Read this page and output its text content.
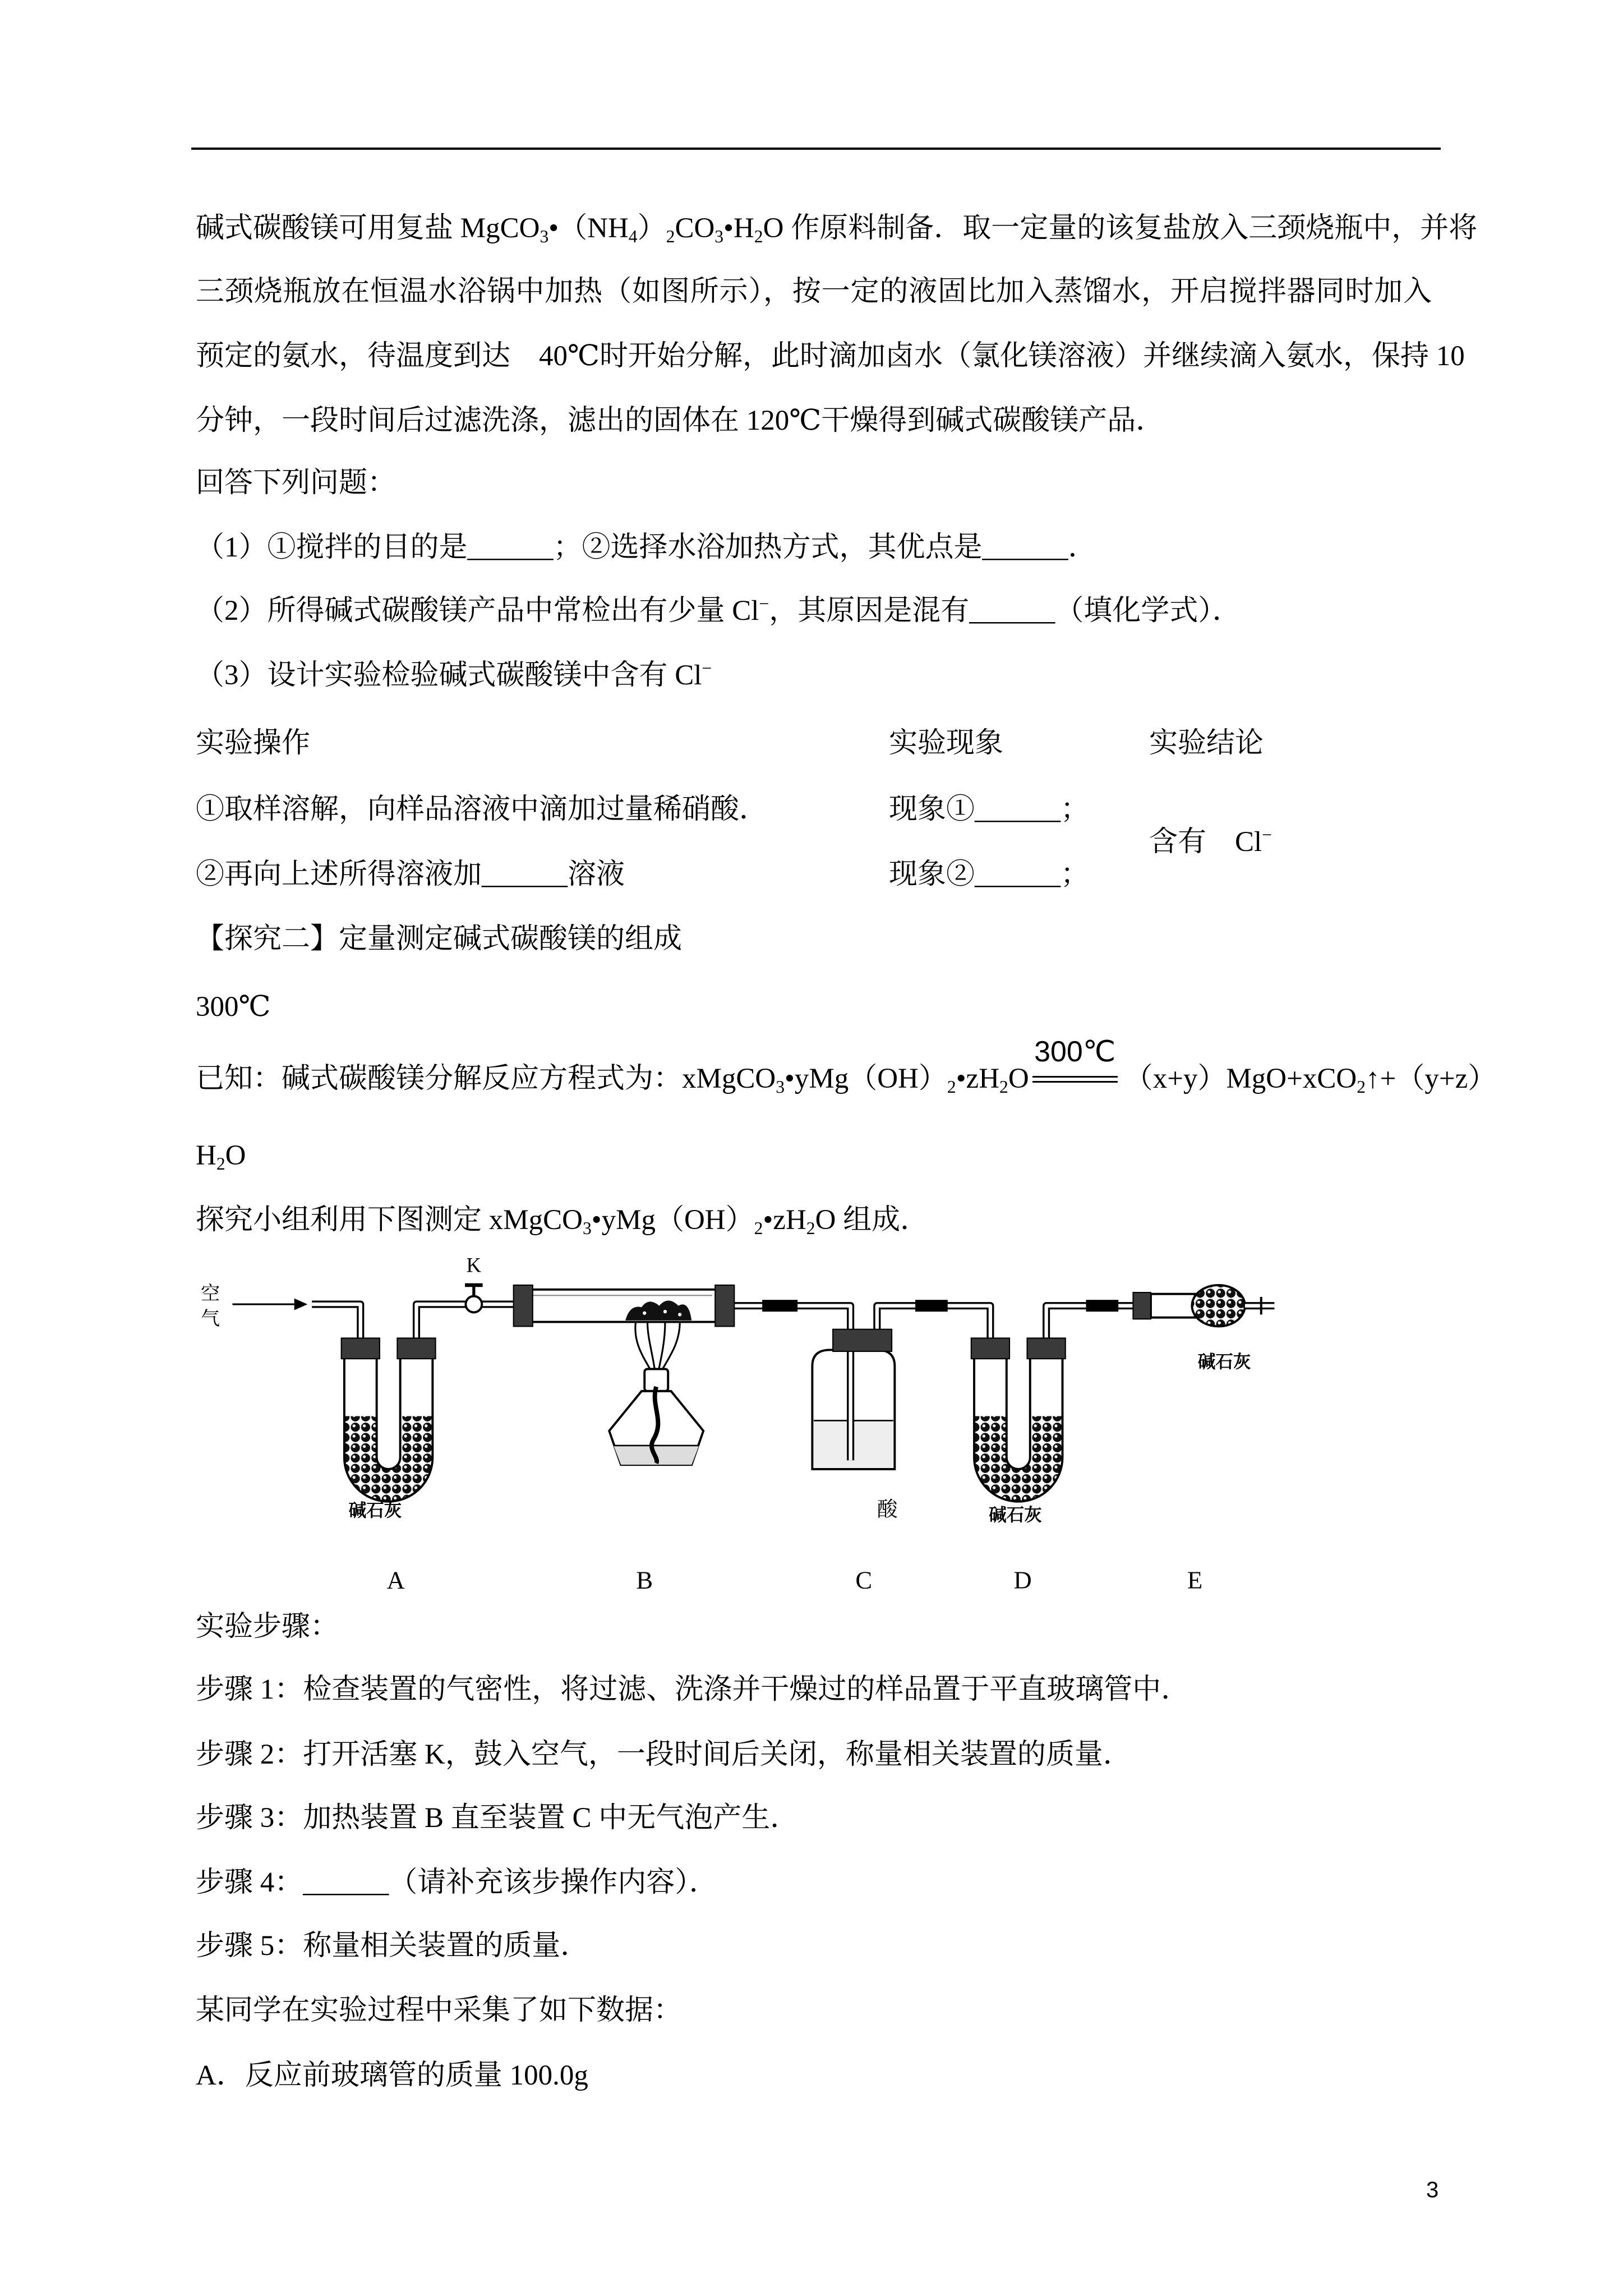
碱式碳酸镁可用复盐 $MgCO_3•(NH_4)_2CO_3•H_2O$ 作原料制备．取一定量的该复盐放入三颈烧瓶中，并将
三颈烧瓶放在恒温水浴锅中加热（如图所示），按一定的液固比加入蒸馏水，开启搅拌器同时加入
预定的氨水，待温度到达　40℃时开始分解，此时滴加卤水（氯化镁溶液）并继续滴入氨水，保持 10
分钟，一段时间后过滤洗涤，滤出的固体在 120℃干燥得到碱式碳酸镁产品．
回答下列问题：
（1）①搅拌的目的是______；②选择水浴加热方式，其优点是______．
（2）所得碱式碳酸镁产品中常检出有少量 Cl−，其原因是混有______（填化学式）．
（3）设计实验检验碱式碳酸镁中含有 Cl−
实验操作	实验现象	实验结论
①取样溶解，向样品溶液中滴加过量稀硝酸．	现象①______；
②再向上述所得溶液加______溶液	现象②______；
含有　Cl−
【探究二】定量测定碱式碳酸镁的组成
300℃
已知：碱式碳酸镁分解反应方程式为：$xMgCO_3•yMg(OH)_2•zH_2O$
300℃
（x+y）MgO+xCO$_2$↑+（y+z）
$H_2O$
探究小组利用下图测定 $xMgCO_3•yMg(OH)_2•zH_2O$ 组成．
空
气
K
碱石灰	酸	碱石灰
碱石灰
A	B	C	D	E
实验步骤：
步骤 1：检查装置的气密性，将过滤、洗涤并干燥过的样品置于平直玻璃管中．
步骤 2：打开活塞 K，鼓入空气，一段时间后关闭，称量相关装置的质量．
步骤 3：加热装置 B 直至装置 C 中无气泡产生．
步骤 4：______（请补充该步操作内容）．
步骤 5：称量相关装置的质量．
某同学在实验过程中采集了如下数据：
A．反应前玻璃管的质量 100.0g
3
